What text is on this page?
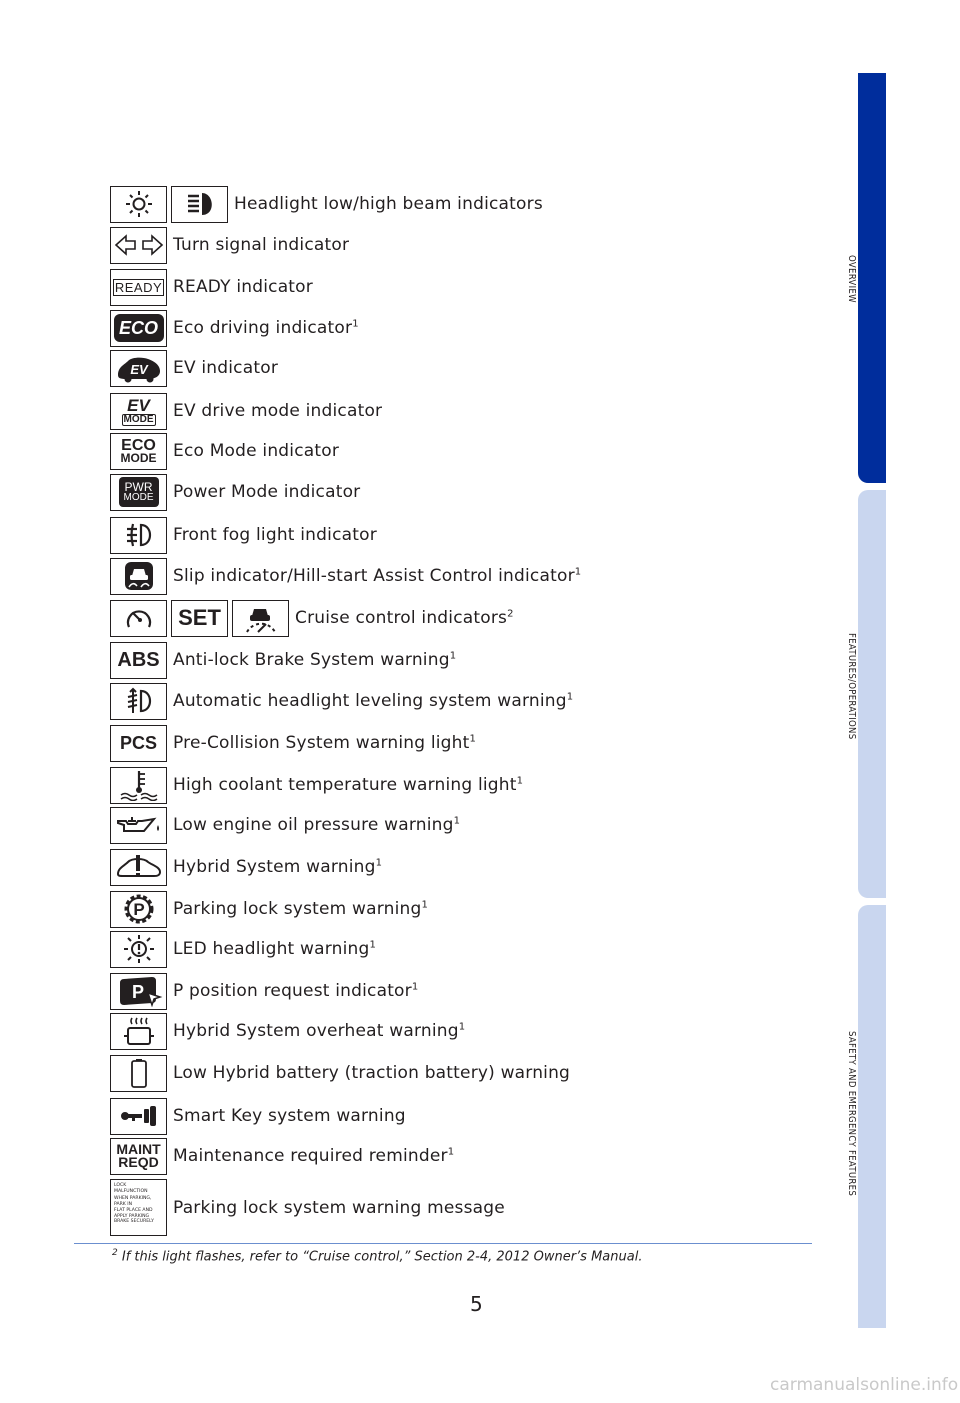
OVERVIEW
FEATURES/OPERATIONS
SAFETY AND EMERGENCY FEATURES
Headlight low/high beam indicators
Turn signal indicator
READY READY indicator
ECO Eco driving indicator$^1$
EV EV indicator
EV
MODE EV drive mode indicator
ECO
MODE Eco Mode indicator
PWR
MODE Power Mode indicator
Front fog light indicator
Slip indicator/Hill-start Assist Control indicator$^1$
SET	Cruise control indicators$^2$
ABS Anti-lock Brake System warning$^1$
Automatic headlight leveling system warning$^1$
PCS Pre-Collision System warning light$^1$
High coolant temperature warning light$^1$
Low engine oil pressure warning$^1$
Hybrid System warning$^1$
P Parking lock system warning$^1$
LED headlight warning$^1$
P P position request indicator$^1$
Hybrid System overheat warning$^1$
Low Hybrid battery (traction battery) warning
Smart Key system warning
MAINT
REQD Maintenance required reminder$^1$
LOCK
MALFUNCTION
WHEN PARKING,
PARK IN
FLAT PLACE AND
APPLY PARKING
BRAKE SECURELY
Parking lock system warning message
$^2$ If this light flashes, refer to “Cruise control,” Section 2-4, 2012 Owner’s Manual.
5
carmanualsonline.info
